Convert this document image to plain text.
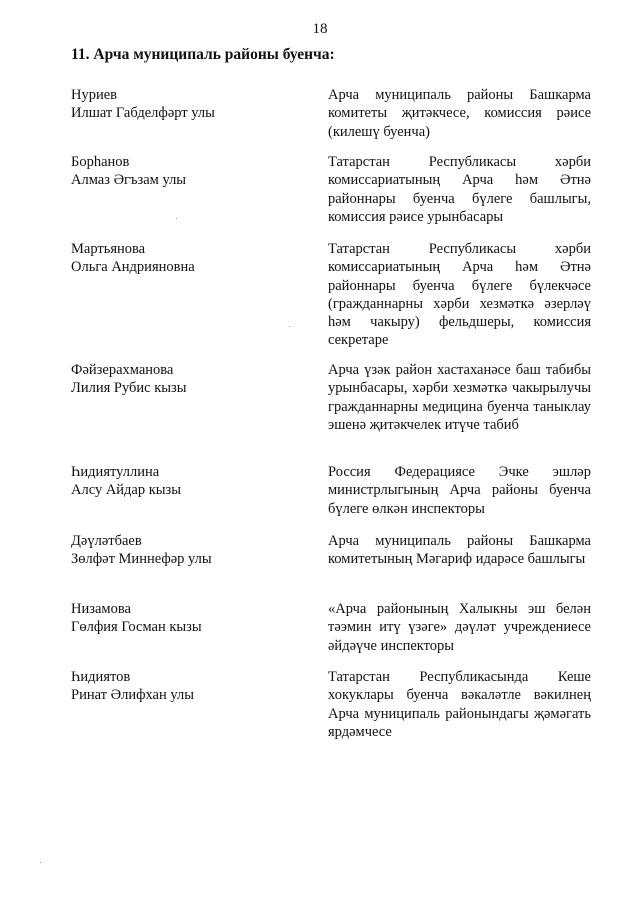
18
11. Арча муниципаль районы буенча:
Нуриев
Илшат Габделфәрт улы
Арча муниципаль районы Башкарма комитеты җитәкчесе, комиссия рәисе (килешү буенча)
Борһанов
Алмаз Әгъзам улы
Татарстан Республикасы хәрби комиссариатының Арча һәм Әтнә районнары буенча бүлеге башлыгы, комиссия рәисе урынбасары
Мартьянова
Ольга Андрияновна
Татарстан Республикасы хәрби комиссариатының Арча һәм Әтнә районнары буенча бүлеге бүлекчәсе (гражданнарны хәрби хезмәткә әзерләү һәм чакыру) фельдшеры, комиссия секретаре
Фәйзерахманова
Лилия Рубис кызы
Арча үзәк район хастаханәсе баш табибы урынбасары, хәрби хезмәткә чакырылучы гражданнарны медицина буенча таныклау эшенә җитәкчелек итүче табиб
Һидиятуллина
Алсу Айдар кызы
Россия Федерациясе Эчке эшләр министрлыгының Арча районы буенча бүлеге өлкән инспекторы
Дәүләтбаев
Зөлфәт Миннефәр улы
Арча муниципаль районы Башкарма комитетының Мәгариф идарәсе башлыгы
Низамова
Гөлфия Госман кызы
«Арча районының Халыкны эш белән тәэмин итү үзәге» дәүләт учреждениесе әйдәүче инспекторы
Һидиятов
Ринат Әлифхан улы
Татарстан Республикасында Кеше хокуклары буенча вәкаләтле вәкилнең Арча муниципаль районындагы җәмәгать ярдәмчесе
